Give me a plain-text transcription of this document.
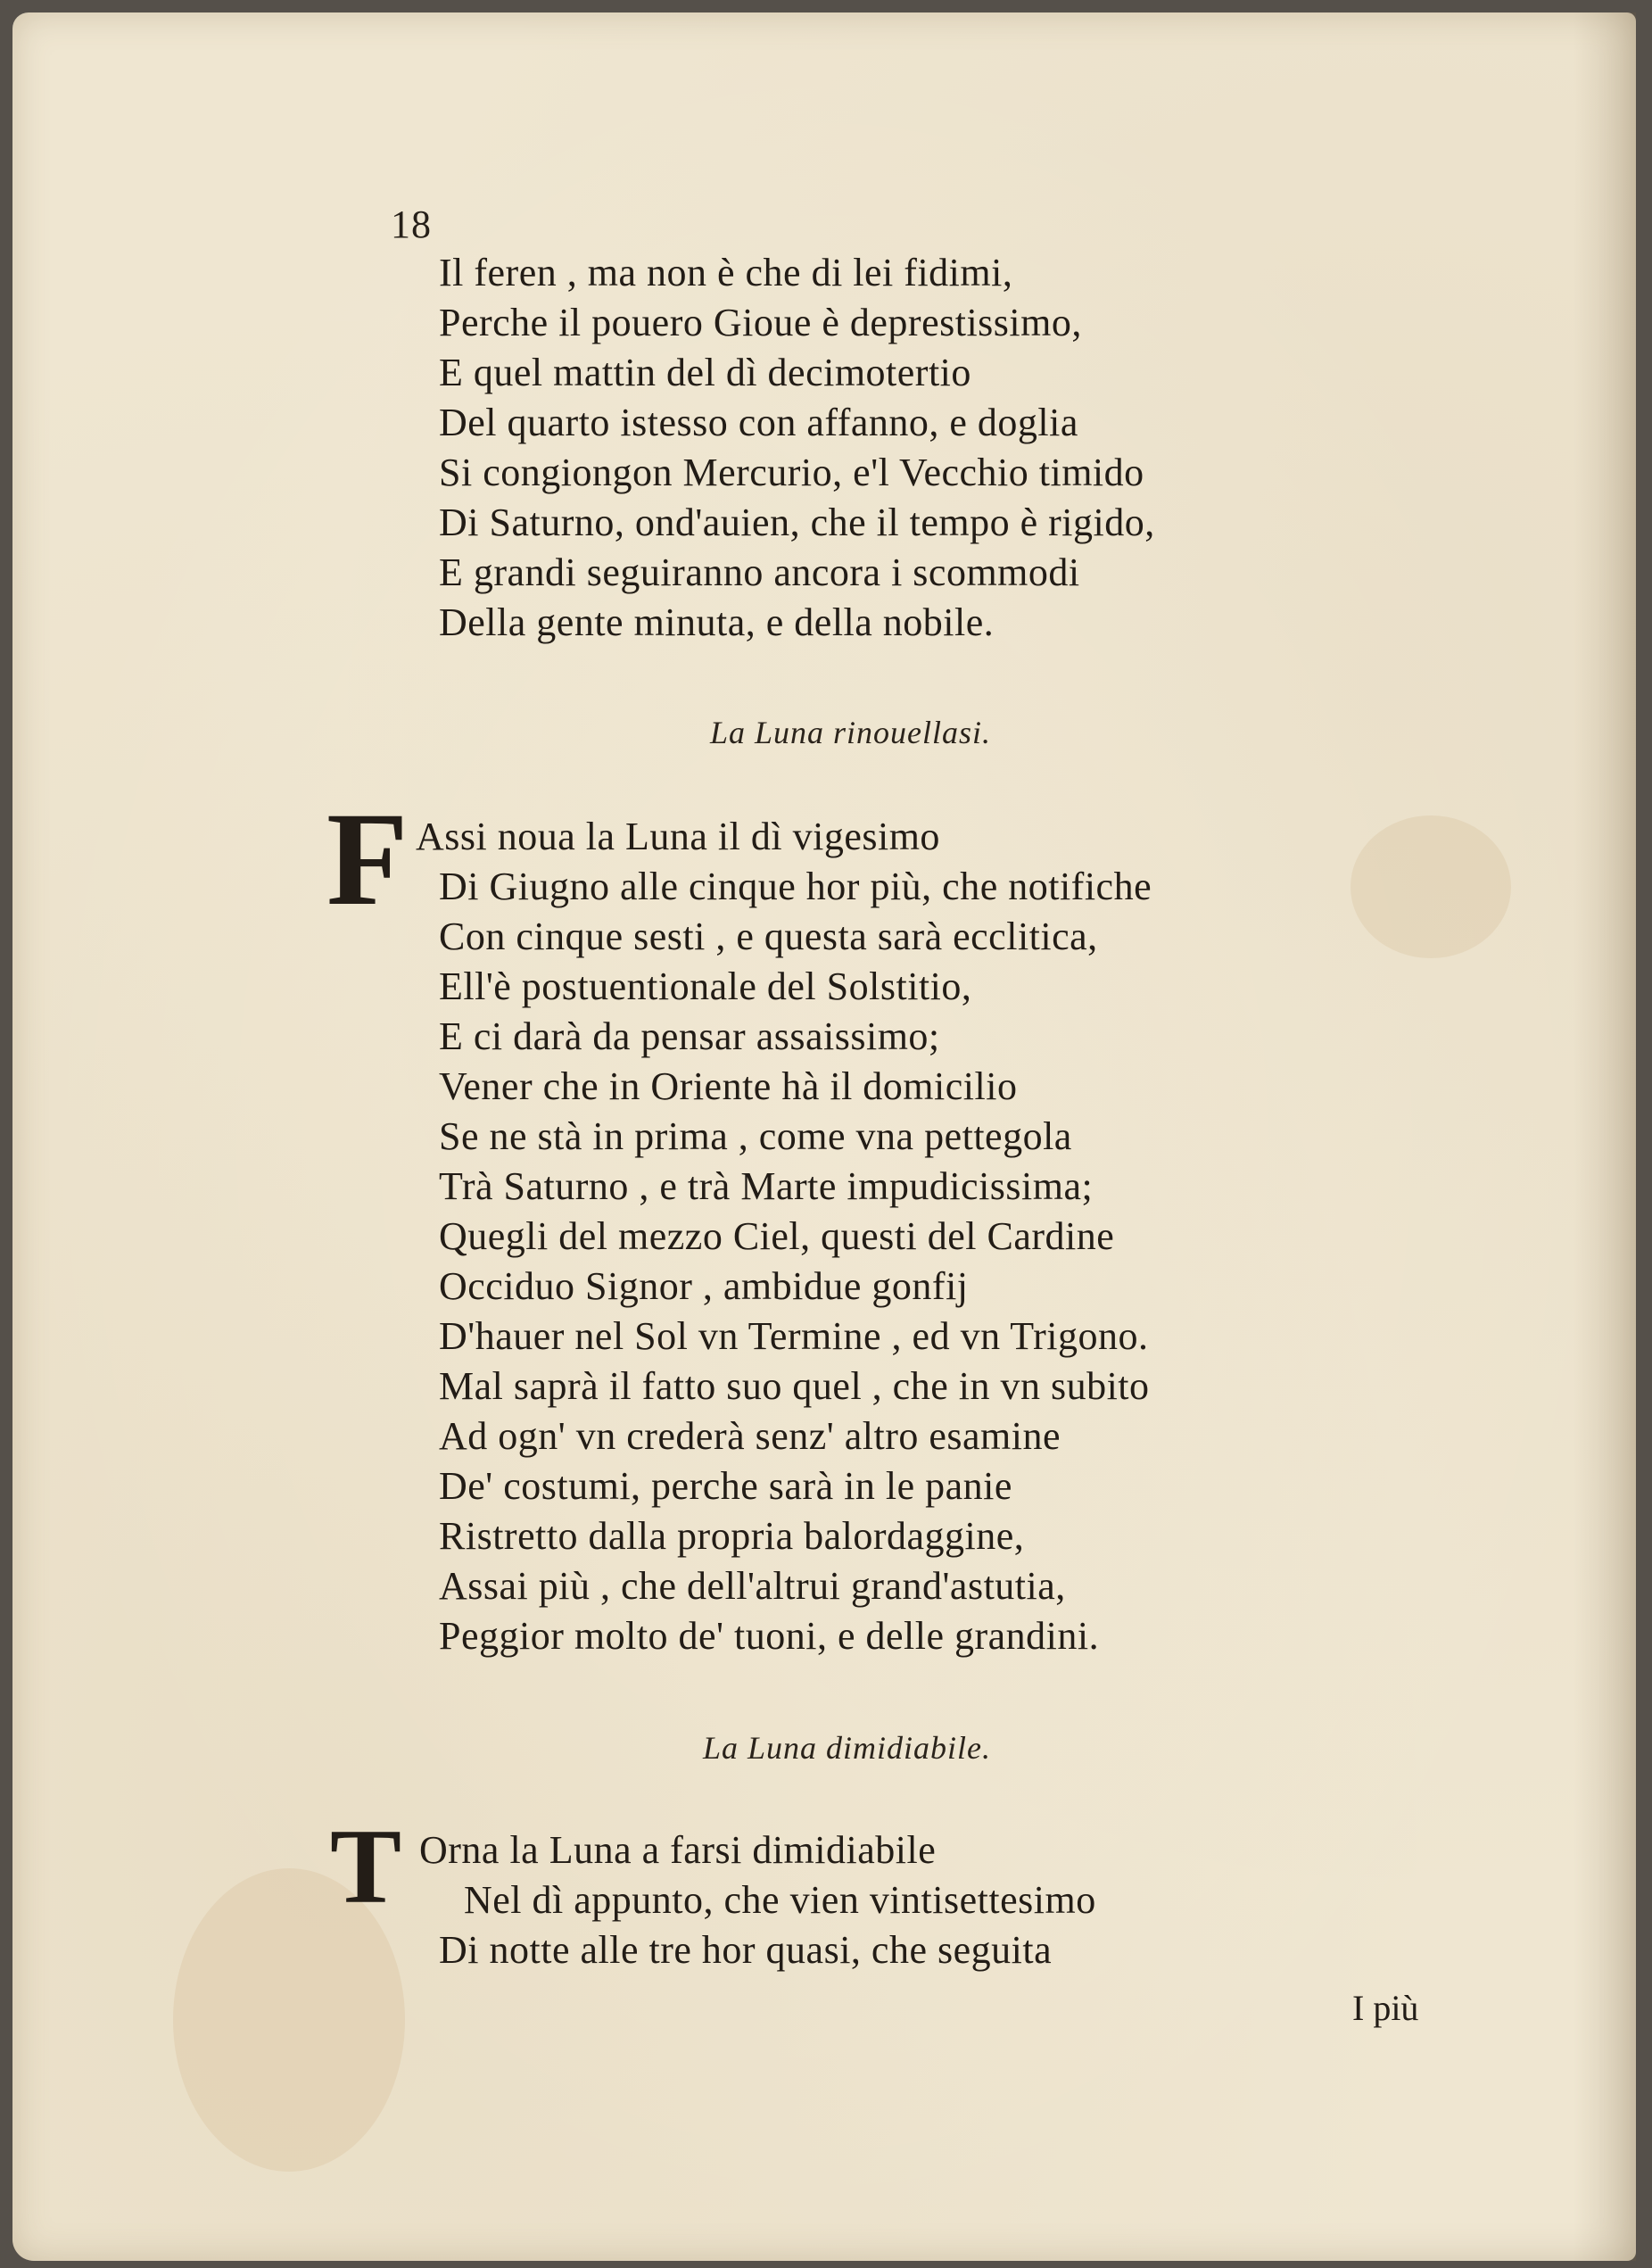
18
Il feren , ma non è che di lei fidimi,
Perche il pouero Gioue è deprestissimo,
E quel mattin del dì decimotertio
Del quarto istesso con affanno, e doglia
Si congiongon Mercurio, e'l Vecchio timido
Di Saturno, ond'auien, che il tempo è rigido,
E grandi seguiranno ancora i scommodi
Della gente minuta, e della nobile.
La Luna rinouellasi.
F Assi noua la Luna il dì vigesimo
Di Giugno alle cinque hor più, che notifiche
Con cinque sesti , e questa sarà ecclitica,
Ell'è postuentionale del Solstitio,
E ci darà da pensar assaissimo;
Vener che in Oriente hà il domicilio
Se ne stà in prima , come vna pettegola
Trà Saturno , e trà Marte impudicissima;
Quegli del mezzo Ciel, questi del Cardine
Occiduo Signor , ambidue gonfij
D'hauer nel Sol vn Termine , ed vn Trigono.
Mal saprà il fatto suo quel , che in vn subito
Ad ogn' vn crederà senz' altro esamine
De' costumi, perche sarà in le panie
Ristretto dalla propria balordaggine,
Assai più , che dell'altrui grand'astutia,
Peggior molto de' tuoni, e delle grandini.
La Luna dimidiabile.
T Orna la Luna a farsi dimidiabile
Nel dì appunto, che vien vintisettesimo
Di notte alle tre hor quasi, che seguita
I più
